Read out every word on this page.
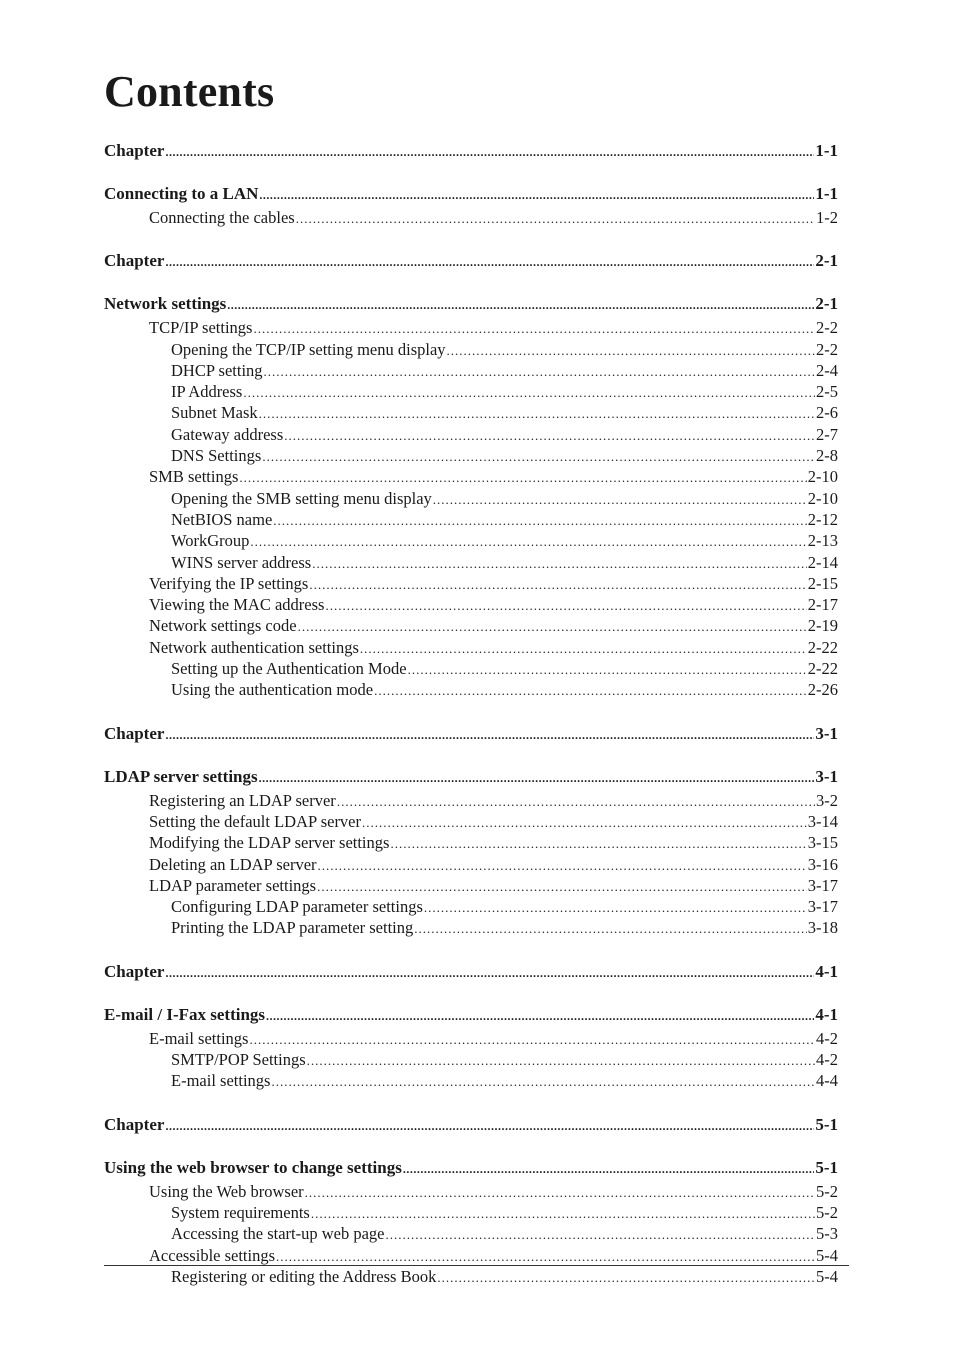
Contents
Chapter .....	1-1
Connecting to a LAN .....	1-1
Connecting the cables .....	1-2
Chapter .....	2-1
Network settings .....	2-1
TCP/IP settings .....	2-2
Opening the TCP/IP setting menu display .....	2-2
DHCP setting .....	2-4
IP Address .....	2-5
Subnet Mask .....	2-6
Gateway address .....	2-7
DNS Settings .....	2-8
SMB settings .....	2-10
Opening the SMB setting menu display .....	2-10
NetBIOS name .....	2-12
WorkGroup .....	2-13
WINS server address .....	2-14
Verifying the IP settings .....	2-15
Viewing the MAC address .....	2-17
Network settings code .....	2-19
Network authentication settings .....	2-22
Setting up the Authentication Mode .....	2-22
Using the authentication mode .....	2-26
Chapter .....	3-1
LDAP server settings .....	3-1
Registering an LDAP server .....	3-2
Setting the default LDAP server .....	3-14
Modifying the LDAP server settings .....	3-15
Deleting an LDAP server .....	3-16
LDAP parameter settings .....	3-17
Configuring LDAP parameter settings .....	3-17
Printing the LDAP parameter setting .....	3-18
Chapter .....	4-1
E-mail / I-Fax settings .....	4-1
E-mail settings .....	4-2
SMTP/POP Settings .....	4-2
E-mail settings .....	4-4
Chapter .....	5-1
Using the web browser to change settings .....	5-1
Using the Web browser .....	5-2
System requirements .....	5-2
Accessing the start-up web page .....	5-3
Accessible settings .....	5-4
Registering or editing the Address Book .....	5-4
